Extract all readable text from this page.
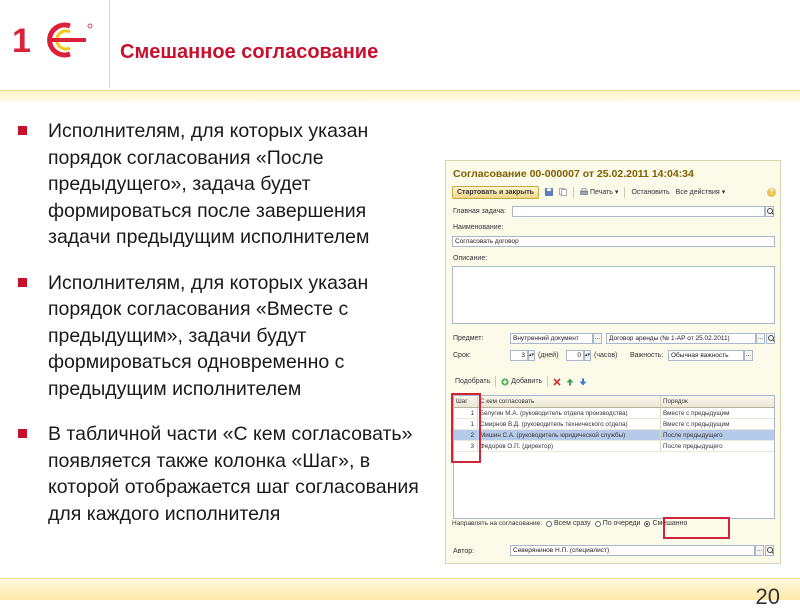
1	Смешанное согласование
Исполнителям, для которых указан порядок согласования «После предыдущего», задача будет формироваться после завершения задачи предыдущим исполнителем
Исполнителям, для которых указан порядок согласования «Вместе с предыдущим», задачи будут формироваться одновременно с предыдущим исполнителем
В табличной части «С кем согласовать» появляется также колонка «Шаг», в которой отображается шаг согласования для каждого исполнителя
Согласование 00-000007 от 25.02.2011 14:04:34
Стартовать и закрыть	Печать ▾ Остановить Все действия ▾	?
Главная задача:
Наименование:
Согласовать договор
Описание:
Предмет:	Внутренний документ	...	Договор аренды (№ 1-АР от 25.02.2011)	...
Срок:	3 ▴▾ (дней)	0 ▴▾ (часов) Важность:	Обычная важность	...
Подобрать	Добавить
Шаг	С кем согласовать	Порядок
1 Белугин М.А. (руководитель отдела производства)	Вместе с предыдущим
1 Смирнов В.Д. (руководитель технического отдела)	Вместе с предыдущим
2 Мишин С.А. (руководитель юридической службы)	После предыдущего
3 Федоров О.П. (директор)	После предыдущего
Направлять на согласование: Всем сразу По очереди Смешанно
Автор:	Северянинов Н.П. (специалист)	...
20
